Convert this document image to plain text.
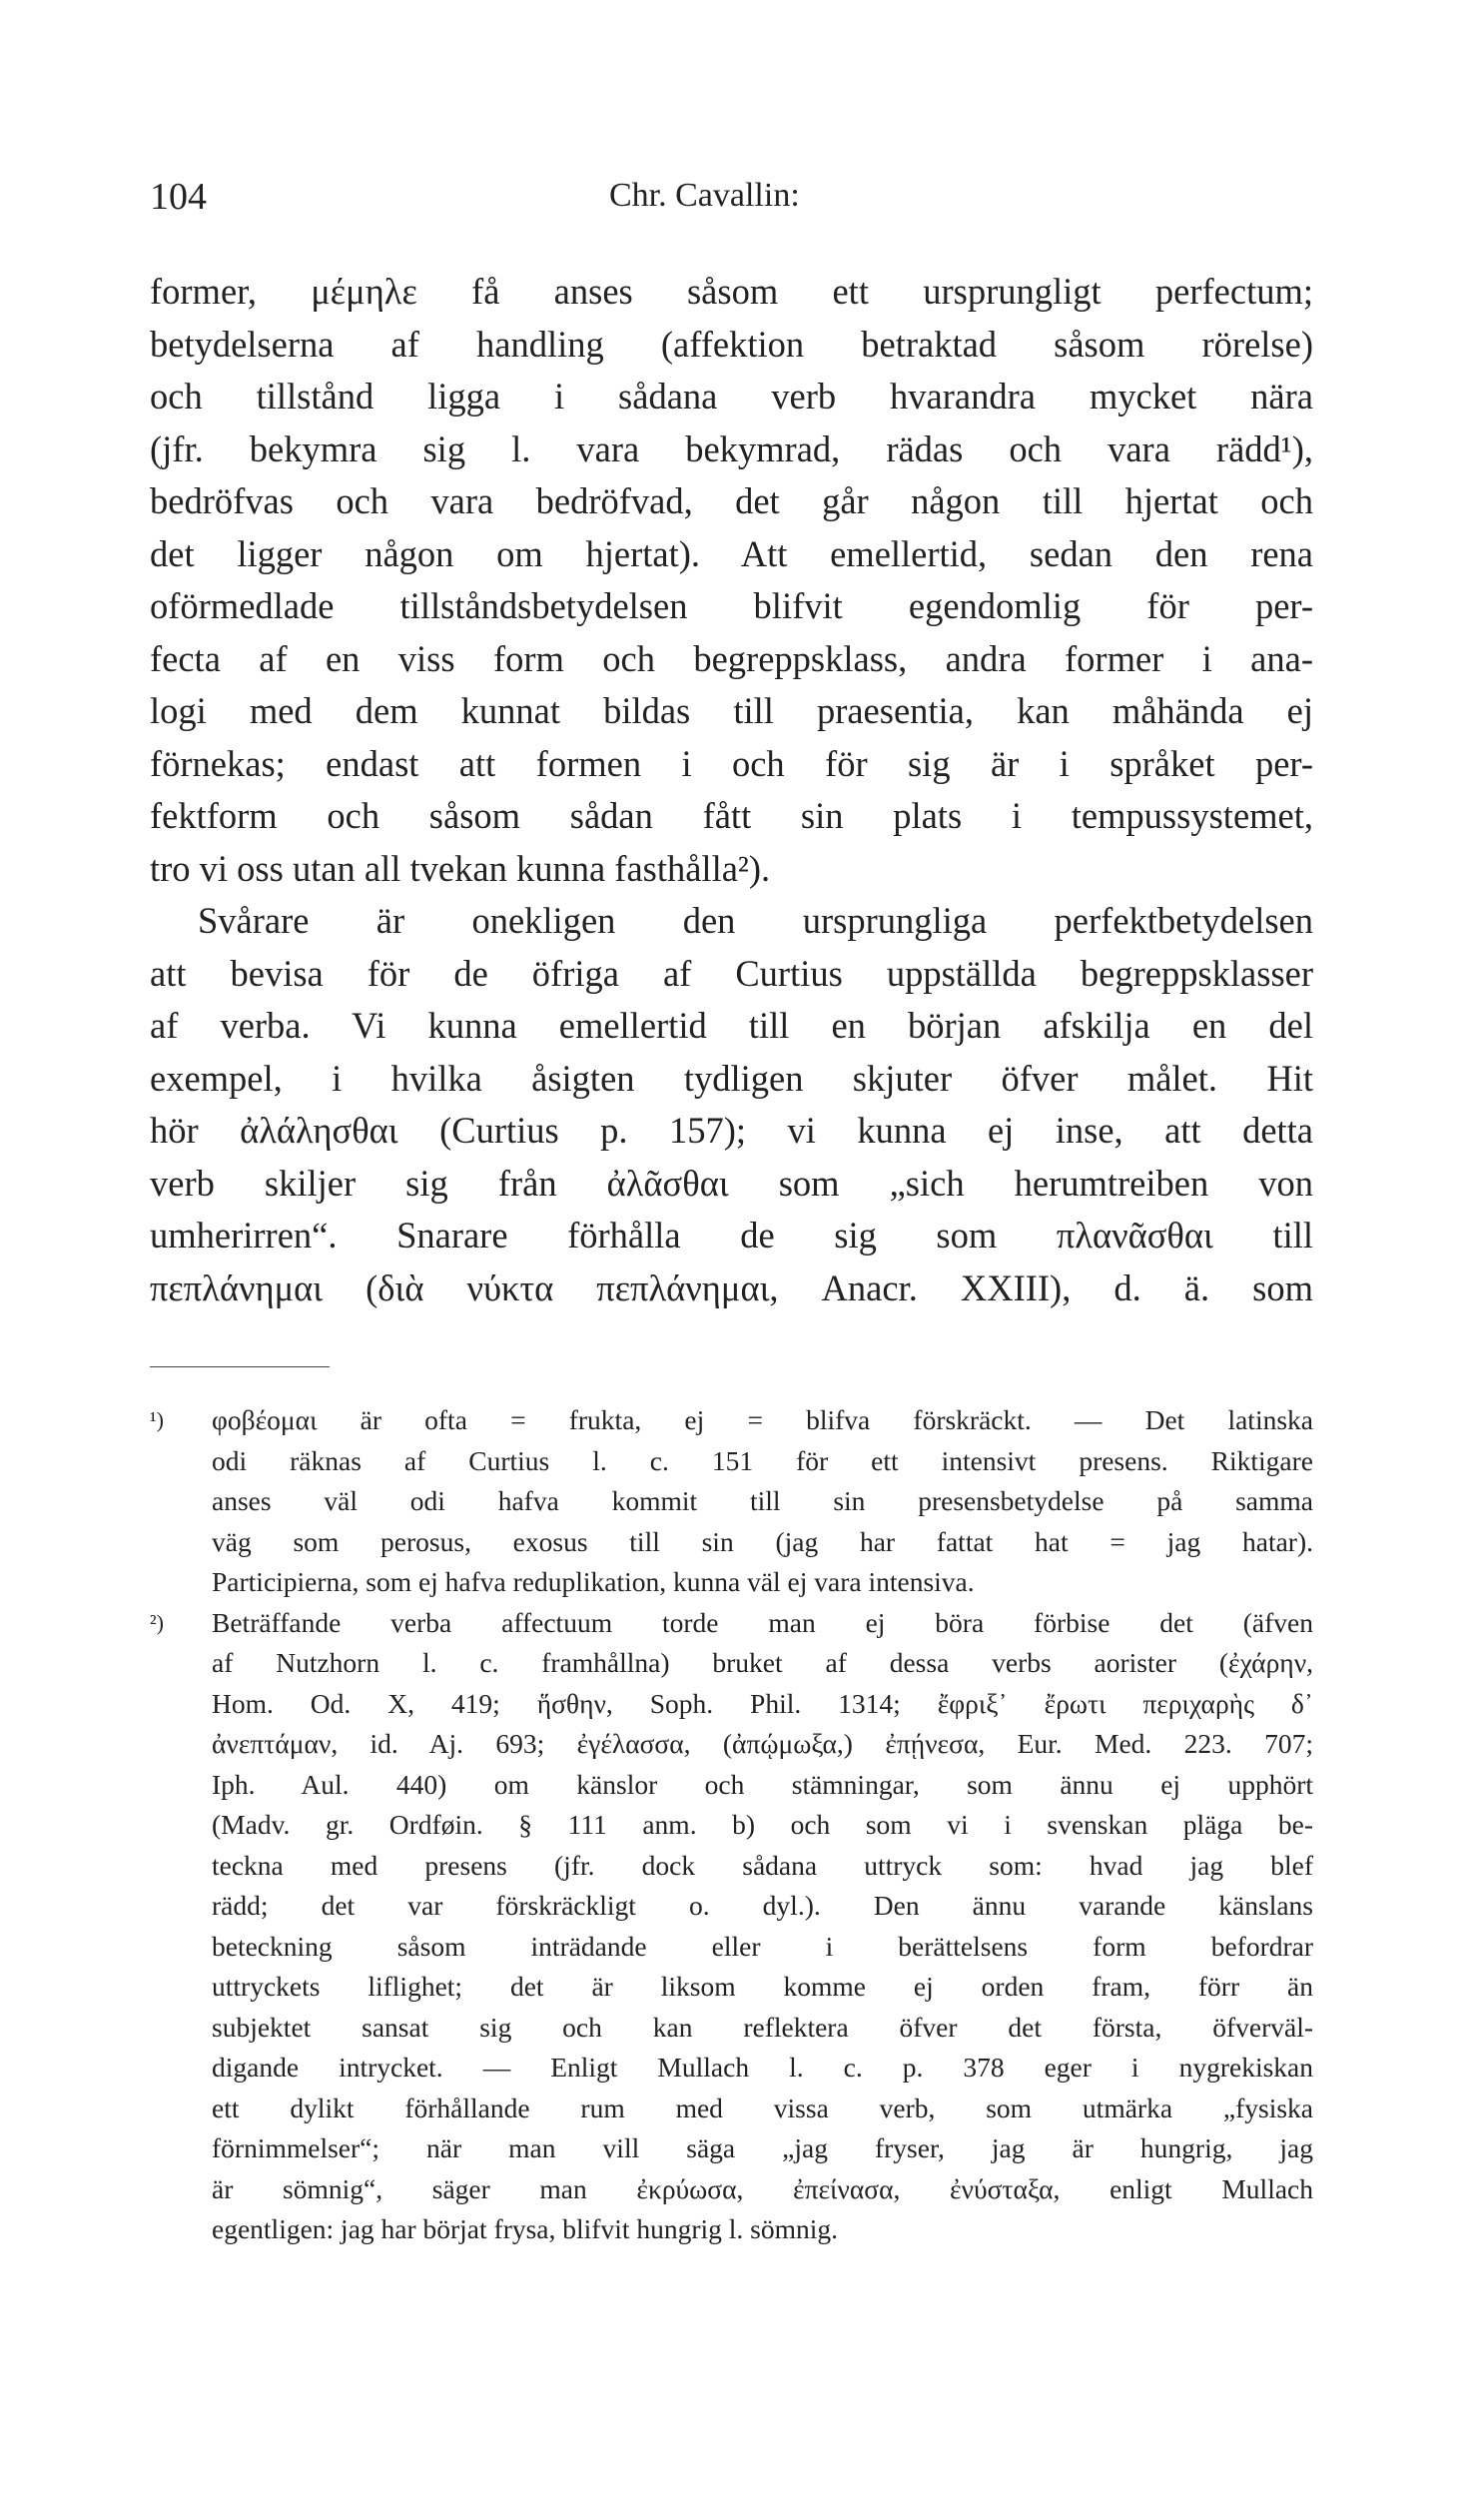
104	Chr. Cavallin:
former, μέμηλε få anses såsom ett ursprungligt perfectum;
betydelserna af handling (affektion betraktad såsom rörelse)
och tillstånd ligga i sådana verb hvarandra mycket nära
(jfr. bekymra sig l. vara bekymrad, rädas och vara rädd¹),
bedröfvas och vara bedröfvad, det går någon till hjertat och
det ligger någon om hjertat). Att emellertid, sedan den rena
oförmedlade tillståndsbetydelsen blifvit egendomlig för per-
fecta af en viss form och begreppsklass, andra former i ana-
logi med dem kunnat bildas till praesentia, kan måhända ej
förnekas; endast att formen i och för sig är i språket per-
fektform och såsom sådan fått sin plats i tempussystemet,
tro vi oss utan all tvekan kunna fasthålla²).
Svårare är onekligen den ursprungliga perfektbetydelsen
att bevisa för de öfriga af Curtius uppställda begreppsklasser
af verba. Vi kunna emellertid till en början afskilja en del
exempel, i hvilka åsigten tydligen skjuter öfver målet. Hit
hör ἀλάλησθαι (Curtius p. 157); vi kunna ej inse, att detta
verb skiljer sig från ἀλᾶσθαι som „sich herumtreiben von
umherirren“. Snarare förhålla de sig som πλανᾶσθαι till
πεπλάνημαι (διὰ νύκτα πεπλάνημαι, Anacr. XXIII), d. ä. som
¹) φοβέομαι är ofta = frukta, ej = blifva förskräckt. — Det latinska
odi räknas af Curtius l. c. 151 för ett intensivt presens. Riktigare
anses väl odi hafva kommit till sin presensbetydelse på samma
väg som perosus, exosus till sin (jag har fattat hat = jag hatar).
Participierna, som ej hafva reduplikation, kunna väl ej vara intensiva.
²) Beträffande verba affectuum torde man ej böra förbise det (äfven
af Nutzhorn l. c. framhållna) bruket af dessa verbs aorister (ἐχάρην,
Hom. Od. X, 419; ἥσθην, Soph. Phil. 1314; ἔφριξ᾽ ἔρωτι περιχαρὴς δ᾽
ἀνεπτάμαν, id. Aj. 693; ἐγέλασσα, (ἀπῴμωξα,) ἐπῄνεσα, Eur. Med. 223. 707;
Iph. Aul. 440) om känslor och stämningar, som ännu ej upphört
(Madv. gr. Ordføin. § 111 anm. b) och som vi i svenskan pläga be-
teckna med presens (jfr. dock sådana uttryck som: hvad jag blef
rädd; det var förskräckligt o. dyl.). Den ännu varande känslans
beteckning såsom inträdande eller i berättelsens form befordrar
uttryckets liflighet; det är liksom komme ej orden fram, förr än
subjektet sansat sig och kan reflektera öfver det första, öfverväl-
digande intrycket. — Enligt Mullach l. c. p. 378 eger i nygrekiskan
ett dylikt förhållande rum med vissa verb, som utmärka „fysiska
förnimmelser“; när man vill säga „jag fryser, jag är hungrig, jag
är sömnig“, säger man ἐκρύωσα, ἐπείνασα, ἐνύσταξα, enligt Mullach
egentligen: jag har börjat frysa, blifvit hungrig l. sömnig.
